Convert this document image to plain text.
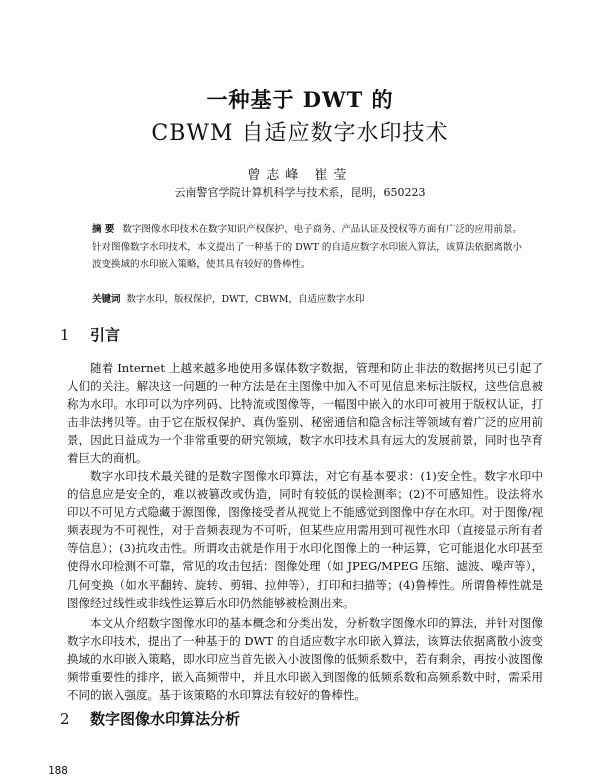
一种基于 DWT 的
CBWM 自适应数字水印技术
曾志峰 崔莹
云南警官学院计算机科学与技术系，昆明，650223
摘 要 数字图像水印技术在数字知识产权保护、电子商务、产品认证及授权等方面有广泛的应用前景。针对图像数字水印技术，本文提出了一种基于的 DWT 的自适应数字水印嵌入算法，该算法依据离散小波变换域的水印嵌入策略，使其具有较好的鲁棒性。
关键词 数字水印，版权保护，DWT，CBWM，自适应数字水印
1 引言

随着 Internet 上越来越多地使用多媒体数字数据，管理和防止非法的数据拷贝已引起了人们的关注。解决这一问题的一种方法是在主图像中加入不可见信息来标注版权，这些信息被称为水印。水印可以为序列码、比特流或图像等，一幅图中嵌入的水印可被用于版权认证，打击非法拷贝等。由于它在版权保护、真伪鉴别、秘密通信和隐含标注等领域有着广泛的应用前景，因此日益成为一个非常重要的研究领域，数字水印技术具有远大的发展前景，同时也孕育着巨大的商机。

数字水印技术最关键的是数字图像水印算法，对它有基本要求：(1)安全性。数字水印中的信息应是安全的，难以被篡改或伪造，同时有较低的误检测率；(2)不可感知性。设法将水印以不可见方式隐藏于源图像，图像接受者从视觉上不能感觉到图像中存在水印。对于图像/视频表现为不可视性，对于音频表现为不可听，但某些应用需用到可视性水印（直接显示所有者等信息）；(3)抗攻击性。所谓攻击就是作用于水印化图像上的一种运算，它可能退化水印甚至使得水印检测不可靠，常见的攻击包括：图像处理（如 JPEG/MPEG 压缩、滤波、噪声等），几何变换（如水平翻转、旋转、剪辑、拉伸等），打印和扫描等；(4)鲁棒性。所谓鲁棒性就是图像经过线性或非线性运算后水印仍然能够被检测出来。

本文从介绍数字图像水印的基本概念和分类出发，分析数字图像水印的算法，并针对图像数字水印技术，提出了一种基于的 DWT 的自适应数字水印嵌入算法，该算法依据离散小波变换域的水印嵌入策略，即水印应当首先嵌入小波图像的低频系数中，若有剩余，再按小波图像频带重要性的排序，嵌入高频带中，并且水印嵌入到图像的低频系数和高频系数中时，需采用不同的嵌入强度。基于该策略的水印算法有较好的鲁棒性。

2 数字图像水印算法分析
188
